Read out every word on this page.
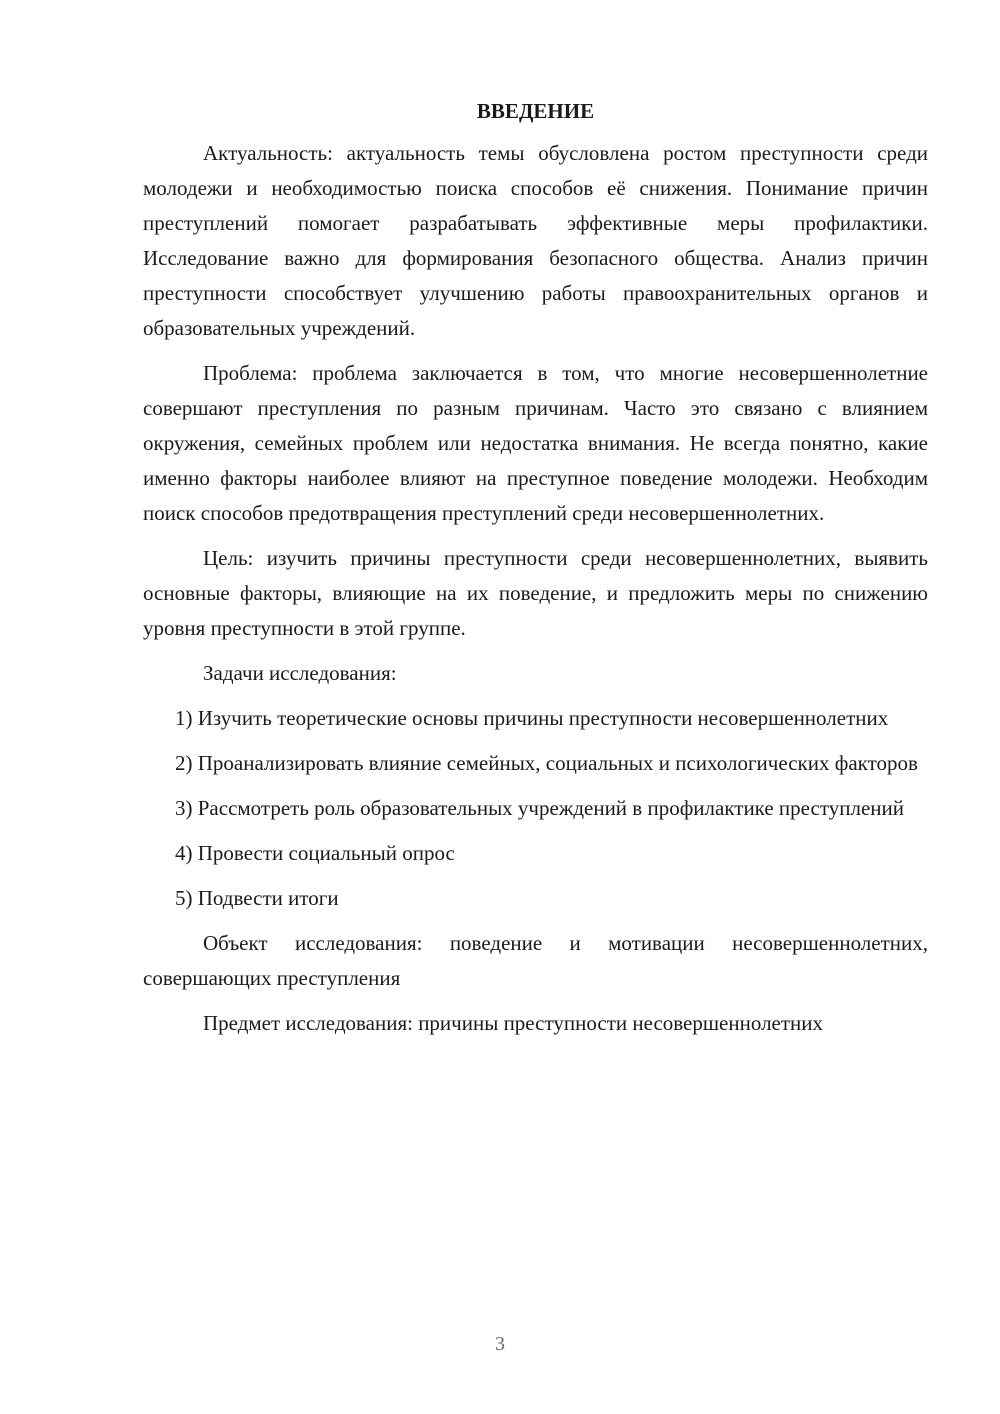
ВВЕДЕНИЕ
Актуальность: актуальность темы обусловлена ростом преступности среди молодежи и необходимостью поиска способов её снижения. Понимание причин преступлений помогает разрабатывать эффективные меры профилактики. Исследование важно для формирования безопасного общества. Анализ причин преступности способствует улучшению работы правоохранительных органов и образовательных учреждений.
Проблема: проблема заключается в том, что многие несовершеннолетние совершают преступления по разным причинам. Часто это связано с влиянием окружения, семейных проблем или недостатка внимания. Не всегда понятно, какие именно факторы наиболее влияют на преступное поведение молодежи. Необходим поиск способов предотвращения преступлений среди несовершеннолетних.
Цель: изучить причины преступности среди несовершеннолетних, выявить основные факторы, влияющие на их поведение, и предложить меры по снижению уровня преступности в этой группе.
Задачи исследования:
1) Изучить теоретические основы причины преступности несовершеннолетних
2) Проанализировать влияние семейных, социальных и психологических факторов
3) Рассмотреть роль образовательных учреждений в профилактике преступлений
4) Провести социальный опрос
5) Подвести итоги
Объект исследования: поведение и мотивации несовершеннолетних, совершающих преступления
Предмет исследования: причины преступности несовершеннолетних
3
